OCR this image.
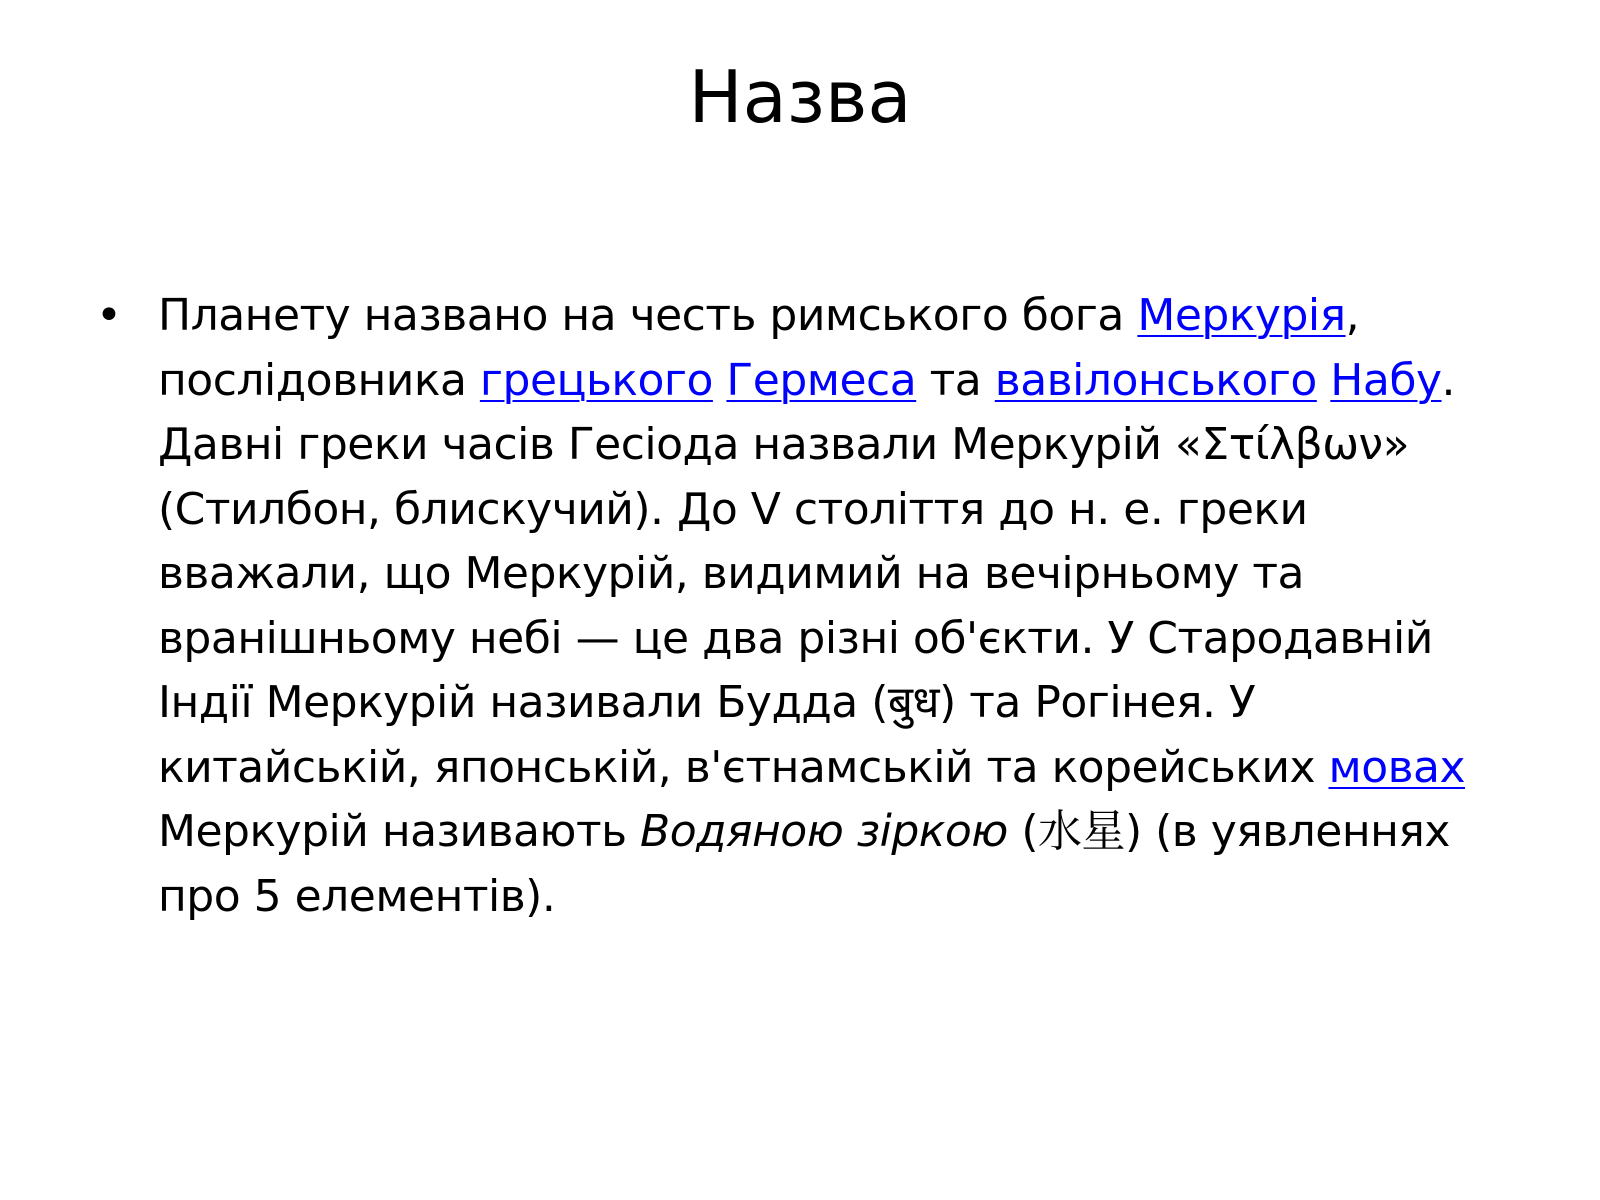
Назва
• Планету названо на честь римського бога Меркурія, послідовника грецького Гермеса та вавілонського Набу. Давні греки часів Гесіода назвали Меркурій «Στίλβων» (Стилбон, блискучий). До V століття до н. е. греки вважали, що Меркурій, видимий на вечірньому та вранішньому небі — це два різні об'єкти. У Стародавній Індії Меркурій називали Будда (बुध) та Рогінея. У китайській, японській, в'єтнамській та корейських мовах Меркурій називають Водяною зіркою (水星) (в уявленнях про 5 елементів).
